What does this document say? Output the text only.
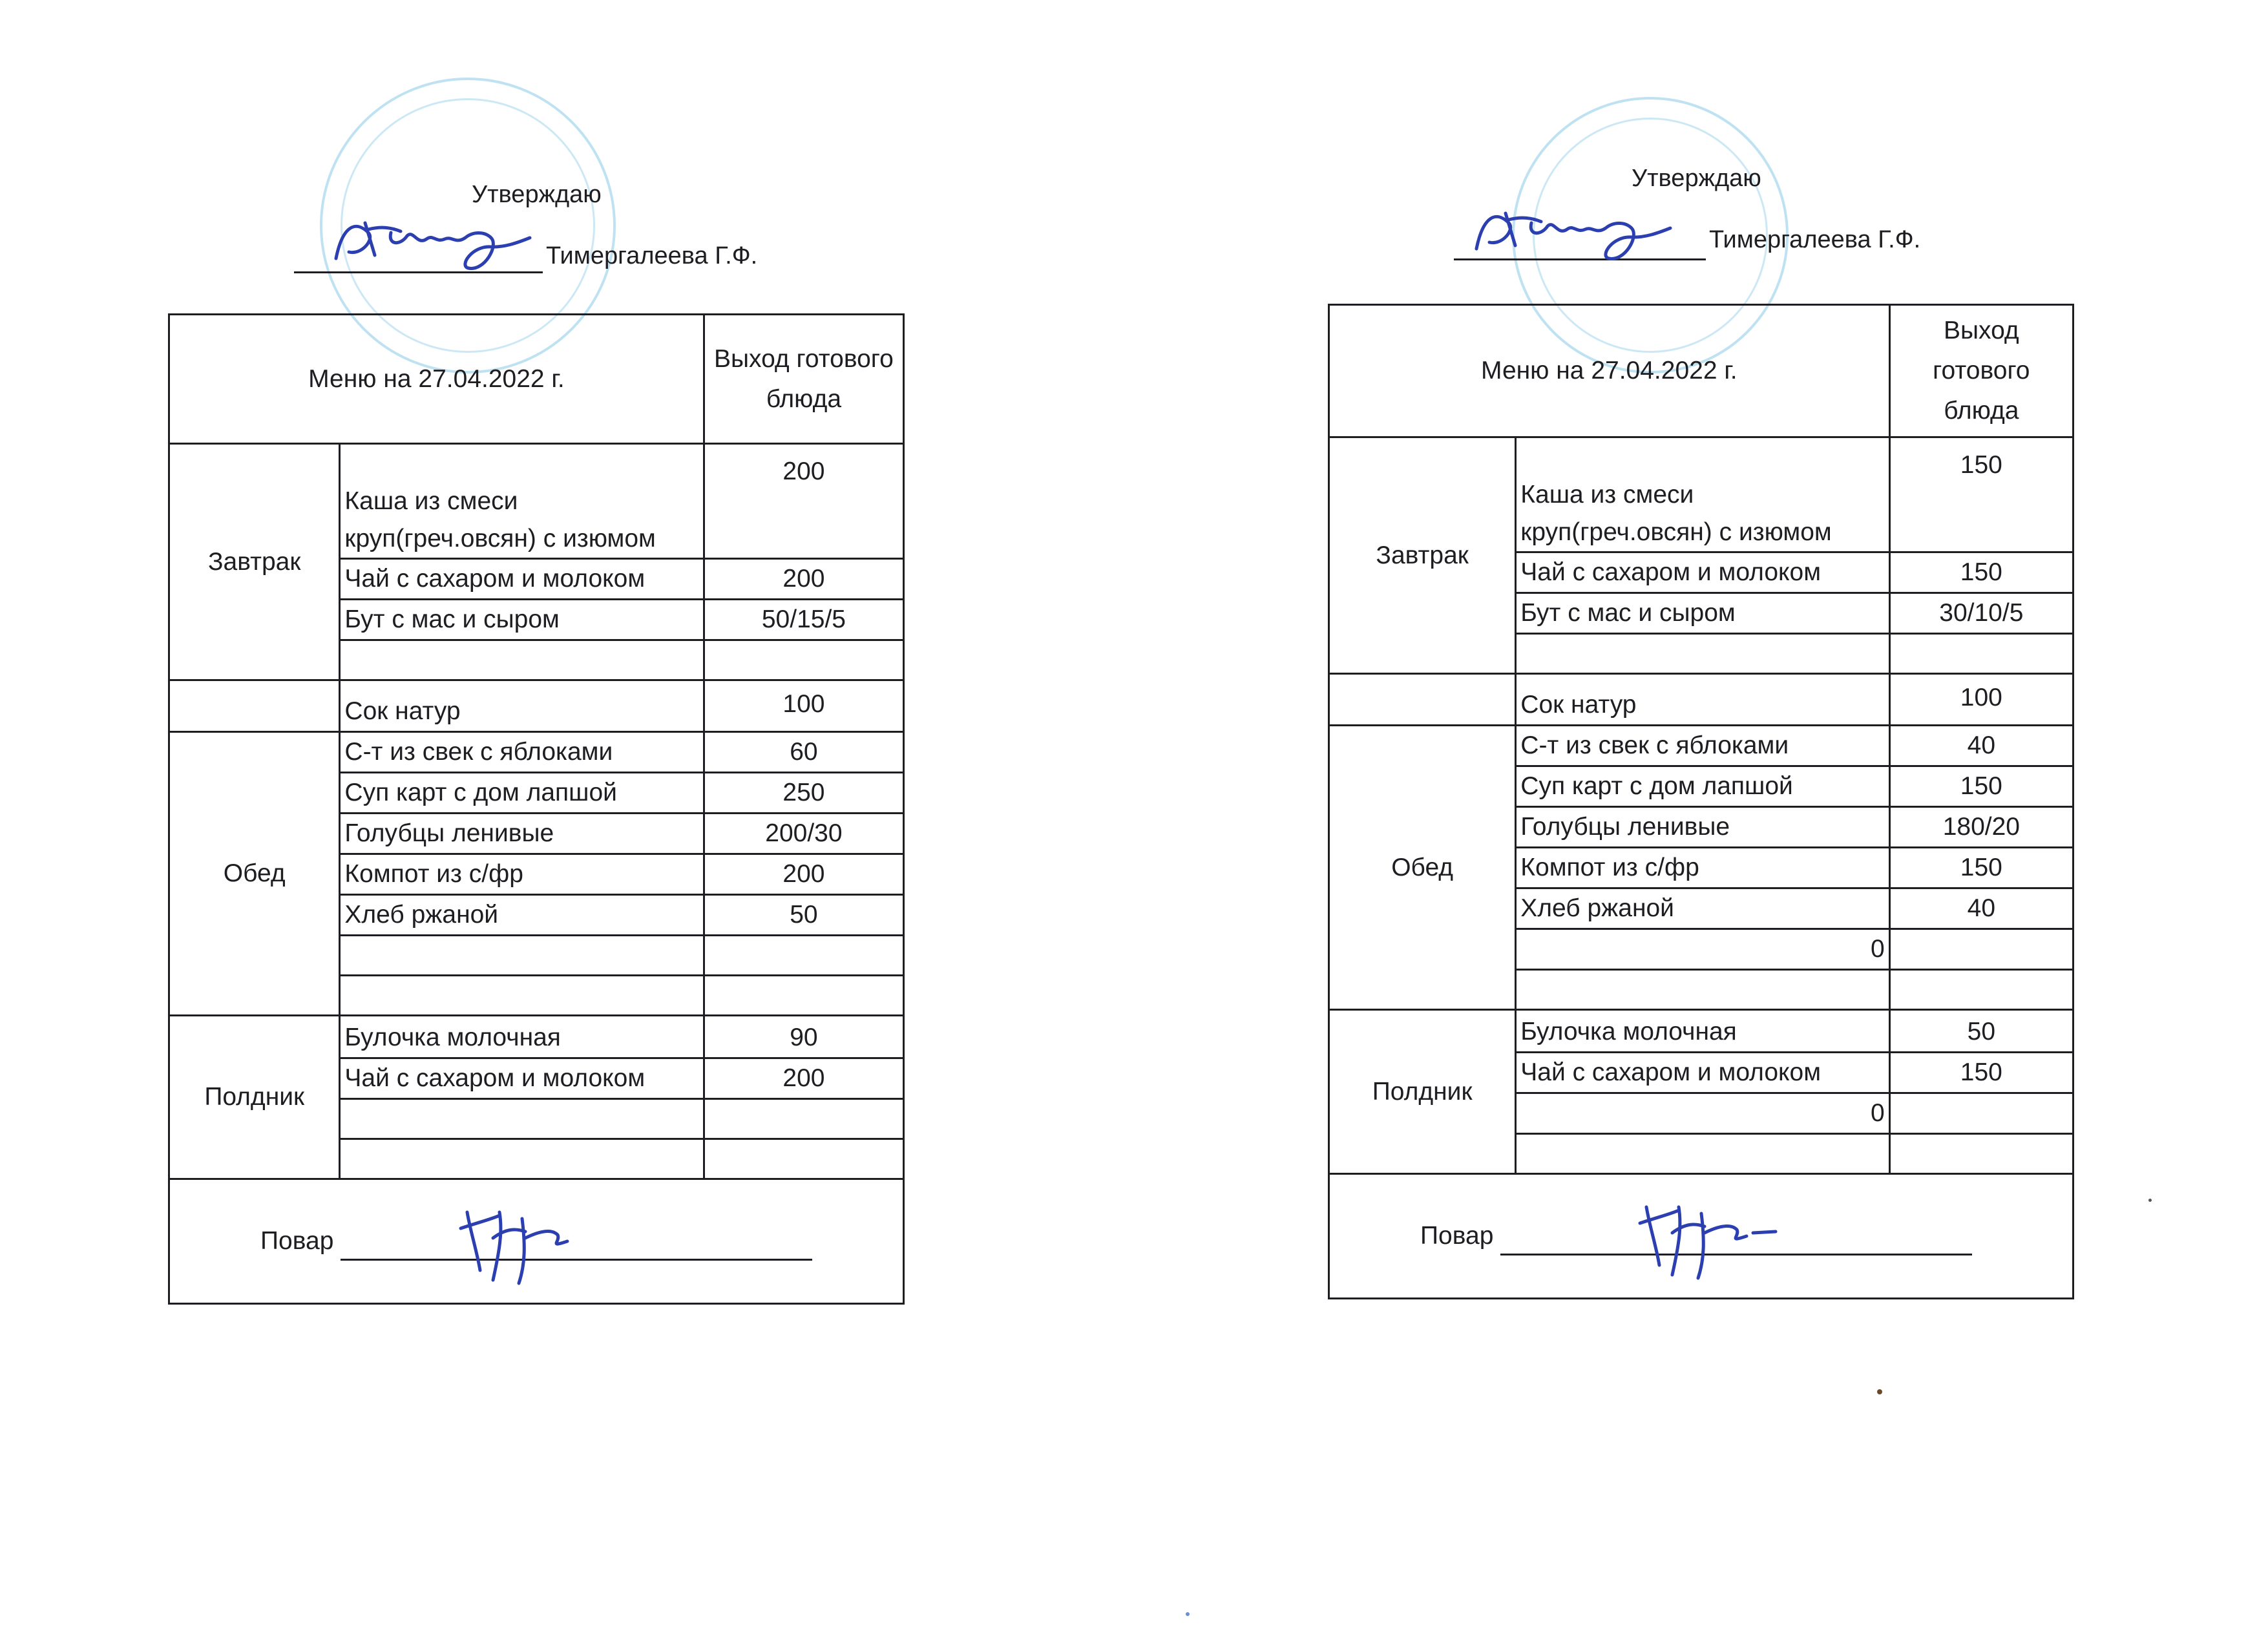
Утверждаю
Тимергалеева Г.Ф.
Меню на 27.04.2022 г.		Выход готового блюда
Завтрак	Каша из смеси круп(греч.овсян) с изюмом	200
	Чай с сахаром и молоком	200
	Бут с мас и сыром	50/15/5

	Сок натур	100
Обед	С-т из свек с яблоками	60
	Суп карт с дом лапшой	250
	Голубцы ленивые	200/30
	Компот из с/фр	200
	Хлеб ржаной	50

Полдник	Булочка молочная	90
	Чай с сахаром и молоком	200

Повар		
Утверждаю
Тимергалеева Г.Ф.
Меню на 27.04.2022 г.		Выход готового блюда
Завтрак	Каша из смеси круп(греч.овсян) с изюмом	150
	Чай с сахаром и молоком	150
	Бут с мас и сыром	30/10/5

	Сок натур	100
Обед	С-т из свек с яблоками	40
	Суп карт с дом лапшой	150
	Голубцы ленивые	180/20
	Компот из с/фр	150
	Хлеб ржаной	40
	0	

Полдник	Булочка молочная	50
	Чай с сахаром и молоком	150
	0	

Повар		
